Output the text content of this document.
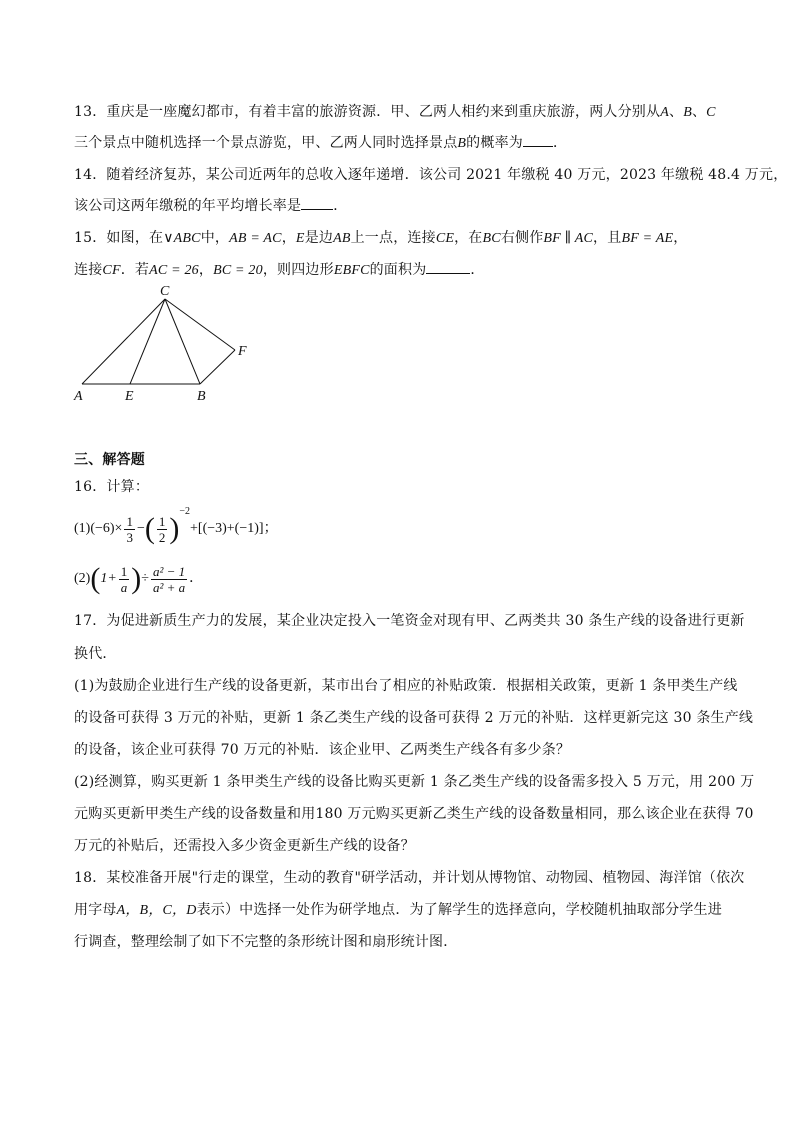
13．重庆是一座魔幻都市，有着丰富的旅游资源．甲、乙两人相约来到重庆旅游，两人分别从A、B、C
三个景点中随机选择一个景点游览，甲、乙两人同时选择景点B的概率为 ．
14．随着经济复苏，某公司近两年的总收入逐年递增．该公司 2021 年缴税 40 万元，2023 年缴税 48.4 万元，
该公司这两年缴税的年平均增长率是 ．
15．如图，在∨ABC中，AB = AC，E是边AB上一点，连接CE，在BC右侧作BF ∥ AC，且BF = AE，
连接CF．若AC = 26，BC = 20，则四边形EBFC的面积为	．
A	E	B
C
F
三、解答题
16．计算：
$(1)(-6)\times \frac{1}{3}$ −( $\frac{1}{2} )^{-2}+[(-3)+(-1)]$；
$(2)(1+ \frac{1}{a}$ )÷ $\frac{\text{a² − 1}}{\text{a² + a}}$ ．
17．为促进新质生产力的发展，某企业决定投入一笔资金对现有甲、乙两类共 30 条生产线的设备进行更新
换代．
(1)为鼓励企业进行生产线的设备更新，某市出台了相应的补贴政策．根据相关政策，更新 1 条甲类生产线
的设备可获得 3 万元的补贴，更新 1 条乙类生产线的设备可获得 2 万元的补贴．这样更新完这 30 条生产线
的设备，该企业可获得 70 万元的补贴．该企业甲、乙两类生产线各有多少条？
(2)经测算，购买更新 1 条甲类生产线的设备比购买更新 1 条乙类生产线的设备需多投入 5 万元，用 200 万
元购买更新甲类生产线的设备数量和用180 万元购买更新乙类生产线的设备数量相同，那么该企业在获得 70
万元的补贴后，还需投入多少资金更新生产线的设备？
18．某校准备开展"行走的课堂，生动的教育"研学活动，并计划从博物馆、动物园、植物园、海洋馆（依次
用字母A，B，C，D表示）中选择一处作为研学地点．为了解学生的选择意向，学校随机抽取部分学生进
行调查，整理绘制了如下不完整的条形统计图和扇形统计图．
